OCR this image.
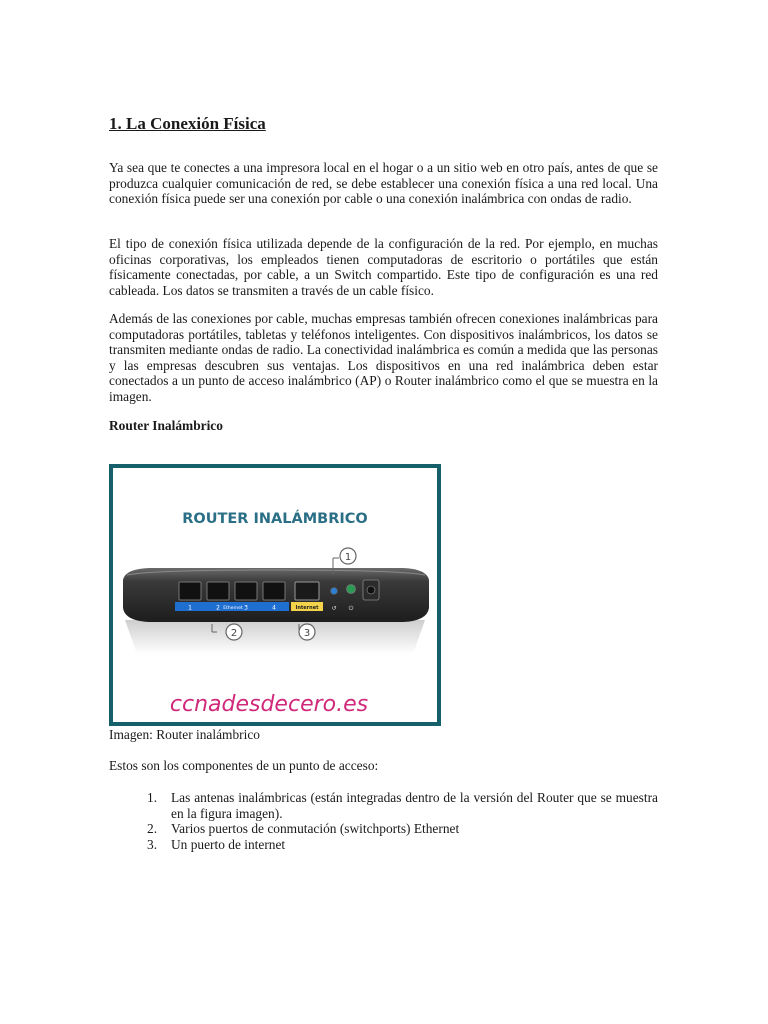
1. La Conexión Física

Ya sea que te conectes a una impresora local en el hogar o a un sitio web en otro país, antes de que se produzca cualquier comunicación de red, se debe establecer una conexión física a una red local. Una conexión física puede ser una conexión por cable o una conexión inalámbrica con ondas de radio.

El tipo de conexión física utilizada depende de la configuración de la red. Por ejemplo, en muchas oficinas corporativas, los empleados tienen computadoras de escritorio o portátiles que están físicamente conectadas, por cable, a un Switch compartido. Este tipo de configuración es una red cableada. Los datos se transmiten a través de un cable físico.

Además de las conexiones por cable, muchas empresas también ofrecen conexiones inalámbricas para computadoras portátiles, tabletas y teléfonos inteligentes. Con dispositivos inalámbricos, los datos se transmiten mediante ondas de radio. La conectividad inalámbrica es común a medida que las personas y las empresas descubren sus ventajas. Los dispositivos en una red inalámbrica deben estar conectados a un punto de acceso inalámbrico (AP) o Router inalámbrico como el que se muestra en la imagen.

Router Inalámbrico
ROUTER INALÁMBRICO
1	2 Ethernet 3	4	Internet ↺ ⏻
1
2	3
ccnadesdecero.es

Imagen: Router inalámbrico

Estos son los componentes de un punto de acceso:

1. Las antenas inalámbricas (están integradas dentro de la versión del Router que se muestra en la figura imagen).
2. Varios puertos de conmutación (switchports) Ethernet
3. Un puerto de internet
